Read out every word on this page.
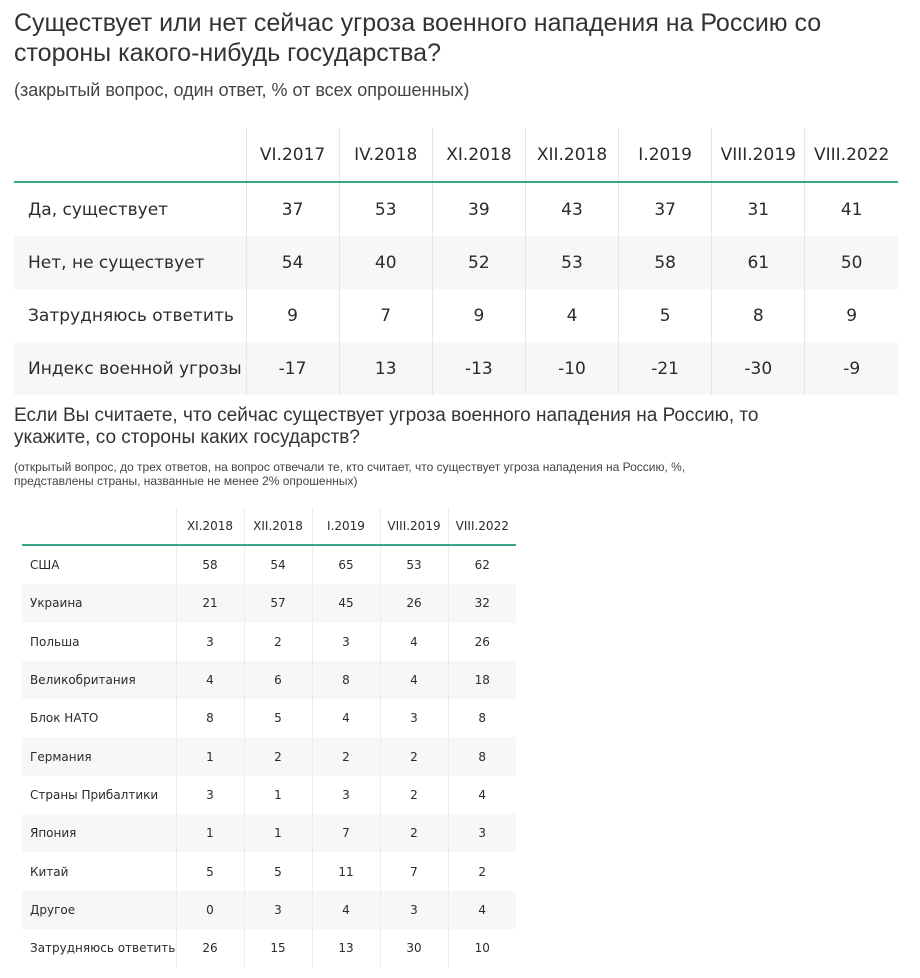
Существует или нет сейчас угроза военного нападения на Россию со стороны какого-нибудь государства?
(закрытый вопрос, один ответ, % от всех опрошенных)
	VI.2017	IV.2018	XI.2018	XII.2018	I.2019	VIII.2019	VIII.2022
Да, существует	37	53	39	43	37	31	41
Нет, не существует	54	40	52	53	58	61	50
Затрудняюсь ответить	9	7	9	4	5	8	9
Индекс военной угрозы	-17	13	-13	-10	-21	-30	-9
Если Вы считаете, что сейчас существует угроза военного нападения на Россию, то укажите, со стороны каких государств?
(открытый вопрос, до трех ответов, на вопрос отвечали те, кто считает, что существует угроза нападения на Россию, %, представлены страны, названные не менее 2% опрошенных)
	XI.2018	XII.2018	I.2019	VIII.2019	VIII.2022
США	58	54	65	53	62
Украина	21	57	45	26	32
Польша	3	2	3	4	26
Великобритания	4	6	8	4	18
Блок НАТО	8	5	4	3	8
Германия	1	2	2	2	8
Страны Прибалтики	3	1	3	2	4
Япония	1	1	7	2	3
Китай	5	5	11	7	2
Другое	0	3	4	3	4
Затрудняюсь ответить	26	15	13	30	10
